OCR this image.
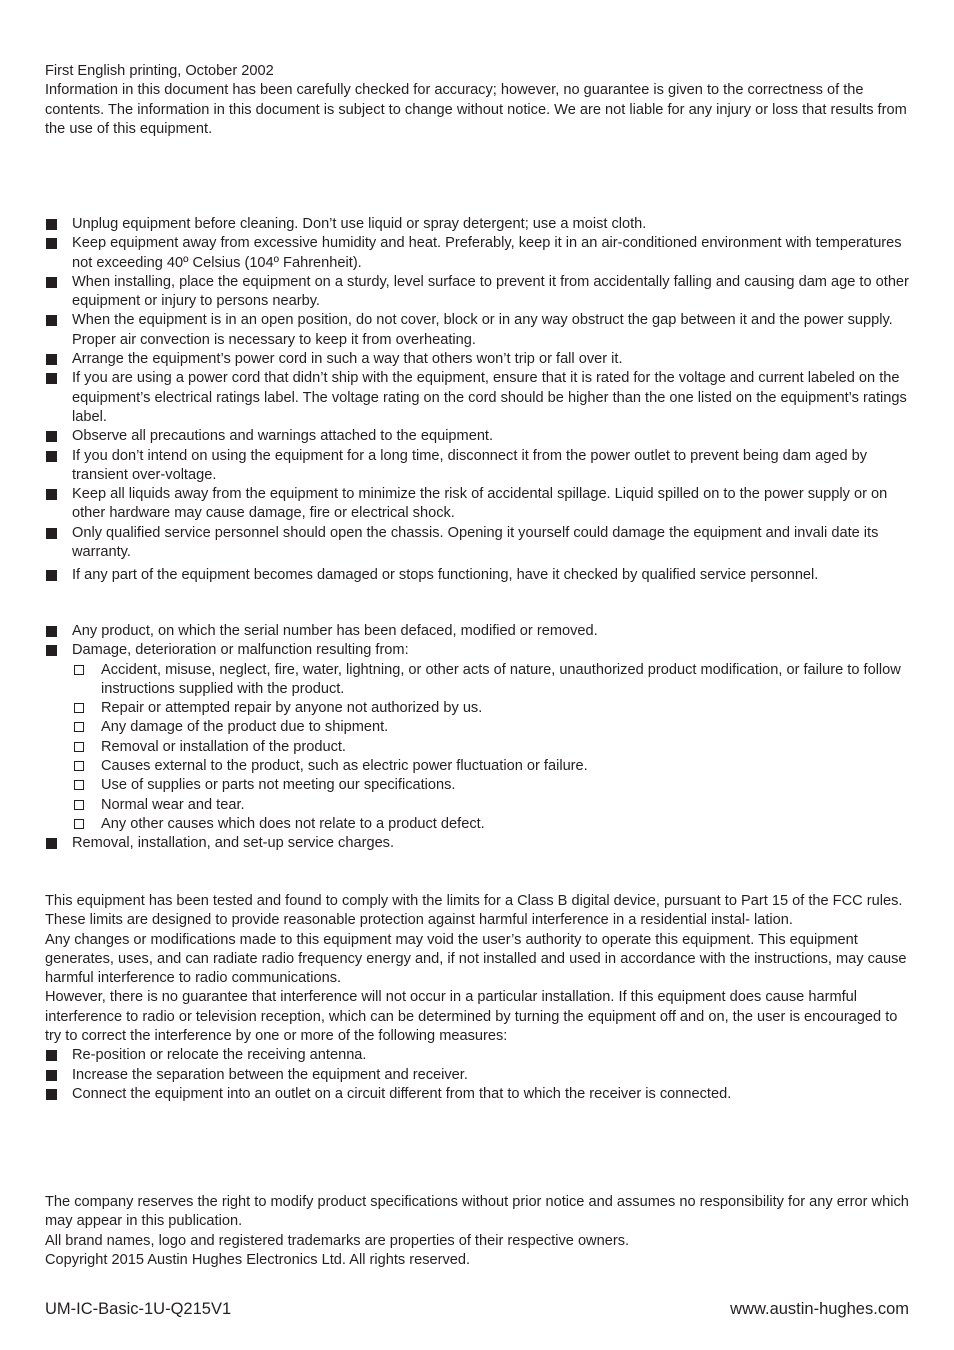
First English printing, October 2002

Information in this document has been carefully checked for accuracy; however, no guarantee is given to the correctness of the contents. The information in this document is subject to change without notice. We are not liable for any injury or loss that results from the use of this equipment.

Unplug equipment before cleaning. Don’t use liquid or spray detergent; use a moist cloth.
Keep equipment away from excessive humidity and heat. Preferably, keep it in an air-conditioned environment with temperatures not exceeding 40º Celsius (104º Fahrenheit).
When installing, place the equipment on a sturdy, level surface to prevent it from accidentally falling and causing dam age to other equipment or injury to persons nearby.
When the equipment is in an open position, do not cover, block or in any way obstruct the gap between it and the power supply. Proper air convection is necessary to keep it from overheating.
Arrange the equipment’s power cord in such a way that others won’t trip or fall over it.
If you are using a power cord that didn’t ship with the equipment, ensure that it is rated for the voltage and current labeled on the equipment’s electrical ratings label. The voltage rating on the cord should be higher than the one listed on the equipment’s ratings label.
Observe all precautions and warnings attached to the equipment.
If you don’t intend on using the equipment for a long time, disconnect it from the power outlet to prevent being dam aged by transient over-voltage.
Keep all liquids away from the equipment to minimize the risk of accidental spillage. Liquid spilled on to the power supply or on other hardware may cause damage, fire or electrical shock.
Only qualified service personnel should open the chassis. Opening it yourself could damage the equipment and invali date its warranty.
If any part of the equipment becomes damaged or stops functioning, have it checked by qualified service personnel.
Any product, on which the serial number has been defaced, modified or removed.
Damage, deterioration or malfunction resulting from:
Accident, misuse, neglect, fire, water, lightning, or other acts of nature, unauthorized product modification, or failure to follow instructions supplied with the product.
Repair or attempted repair by anyone not authorized by us.
Any damage of the product due to shipment.
Removal or installation of the product.
Causes external to the product, such as electric power fluctuation or failure.
Use of supplies or parts not meeting our specifications.
Normal wear and tear.
Any other causes which does not relate to a product defect.
Removal, installation, and set-up service charges.

This equipment has been tested and found to comply with the limits for a Class B digital device, pursuant to Part 15 of the FCC rules. These limits are designed to provide reasonable protection against harmful interference in a residential instal- lation.

Any changes or modifications made to this equipment may void the user’s authority to operate this equipment. This equipment generates, uses, and can radiate radio frequency energy and, if not installed and used in accordance with the instructions, may cause harmful interference to radio communications.

However, there is no guarantee that interference will not occur in a particular installation. If this equipment does cause harmful interference to radio or television reception, which can be determined by turning the equipment off and on, the user is encouraged to try to correct the interference by one or more of the following measures:

Re-position or relocate the receiving antenna.
Increase the separation between the equipment and receiver.
Connect the equipment into an outlet on a circuit different from that to which the receiver is connected.

The company reserves the right to modify product specifications without prior notice and assumes no responsibility for any error which may appear in this publication.

All brand names, logo and registered trademarks are properties of their respective owners.

Copyright 2015 Austin Hughes Electronics Ltd. All rights reserved.

UM-IC-Basic-1U-Q215V1	www.austin-hughes.com
